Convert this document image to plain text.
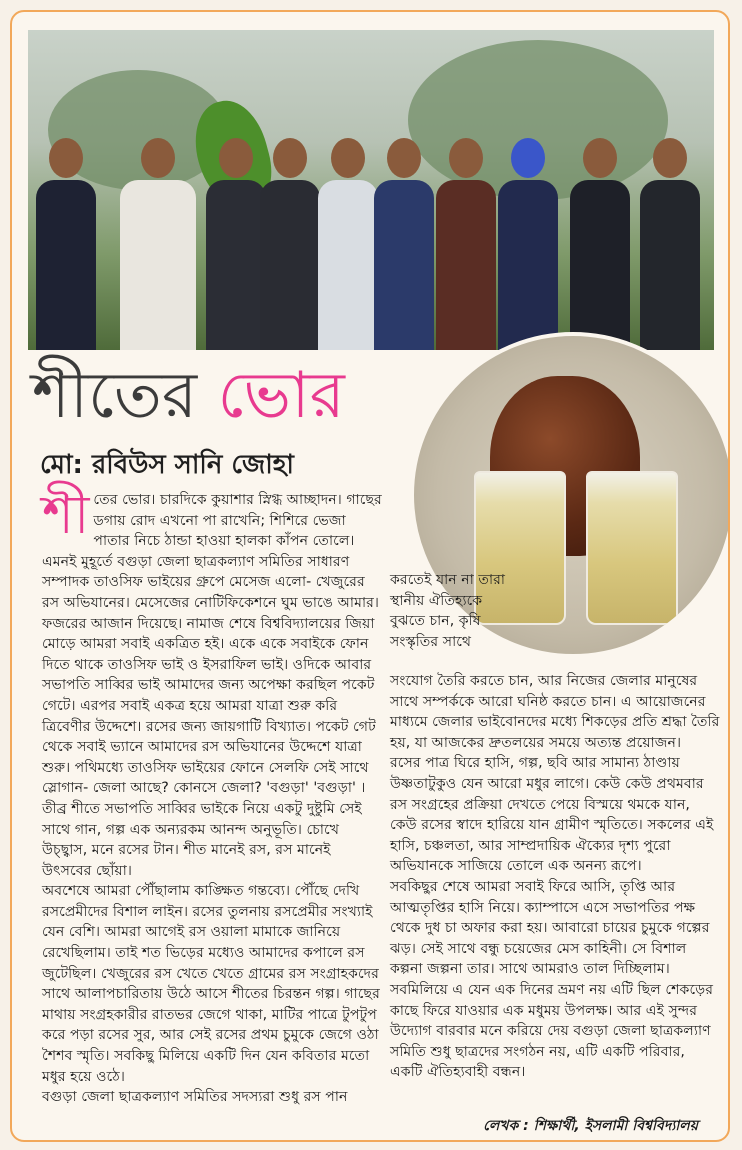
শীতের ভোর
মো: রবিউস সানি জোহা

শীতের ভোর। চারদিকে কুয়াশার স্নিগ্ধ আচ্ছাদন। গাছের ডগায় রোদ এখনো পা রাখেনি; শিশিরে ভেজা পাতার নিচে ঠান্ডা হাওয়া হালকা কাঁপন তোলে। এমনই মুহূর্তে বগুড়া জেলা ছাত্রকল্যাণ সমিতির সাধারণ সম্পাদক তাওসিফ ভাইয়ের গ্রুপে মেসেজ এলো- খেজুরের রস অভিযানের। মেসেজের নোটিফিকেশনে ঘুম ভাঙে আমার। ফজরের আজান দিয়েছে। নামাজ শেষে বিশ্ববিদ্যালয়ের জিয়া মোড়ে আমরা সবাই একত্রিত হই। একে একে সবাইকে ফোন দিতে থাকে তাওসিফ ভাই ও ইসরাফিল ভাই। ওদিকে আবার সভাপতি সাব্বির ভাই আমাদের জন্য অপেক্ষা করছিল পকেট গেটে। এরপর সবাই একত্র হয়ে আমরা যাত্রা শুরু করি ত্রিবেণীর উদ্দেশে। রসের জন্য জায়গাটি বিখ্যাত। পকেট গেট থেকে সবাই ভ্যানে আমাদের রস অভিযানের উদ্দেশে যাত্রা শুরু। পথিমধ্যে তাওসিফ ভাইয়ের ফোনে সেলফি সেই সাথে স্লোগান- জেলা আছে? কোনসে জেলা? 'বগুড়া' 'বগুড়া' । তীব্র শীতে সভাপতি সাব্বির ভাইকে নিয়ে একটু দুষ্টুমি সেই সাথে গান, গল্প এক অন্যরকম আনন্দ অনুভূতি। চোখে উচ্ছ্বাস, মনে রসের টান। শীত মানেই রস, রস মানেই উৎসবের ছোঁয়া।

অবশেষে আমরা পৌঁছালাম কাঙ্ক্ষিত গন্তব্যে। পৌঁছে দেখি রসপ্রেমীদের বিশাল লাইন। রসের তুলনায় রসপ্রেমীর সংখ্যাই যেন বেশি। আমরা আগেই রস ওয়ালা মামাকে জানিয়ে রেখেছিলাম। তাই শত ভিড়ের মধ্যেও আমাদের কপালে রস জুটেছিল। খেজুরের রস খেতে খেতে গ্রামের রস সংগ্রাহকদের সাথে আলাপচারিতায় উঠে আসে শীতের চিরন্তন গল্প। গাছের মাথায় সংগ্রহকারীর রাতভর জেগে থাকা, মাটির পাত্রে টুপটুপ করে পড়া রসের সুর, আর সেই রসের প্রথম চুমুকে জেগে ওঠা শৈশব স্মৃতি। সবকিছু মিলিয়ে একটি দিন যেন কবিতার মতো মধুর হয়ে ওঠে।

বগুড়া জেলা ছাত্রকল্যাণ সমিতির সদস্যরা শুধু রস পান

করতেই যান না তারা স্থানীয় ঐতিহ্যকে বুঝতে চান, কৃষি সংস্কৃতির সাথে

সংযোগ তৈরি করতে চান, আর নিজের জেলার মানুষের সাথে সম্পর্ককে আরো ঘনিষ্ঠ করতে চান। এ আয়োজনের মাধ্যমে জেলার ভাইবোনদের মধ্যে শিকড়ের প্রতি শ্রদ্ধা তৈরি হয়, যা আজকের দ্রুতলয়ের সময়ে অত্যন্ত প্রয়োজন।

রসের পাত্র ঘিরে হাসি, গল্প, ছবি আর সামান্য ঠাণ্ডায় উষ্ণতাটুকুও যেন আরো মধুর লাগে। কেউ কেউ প্রথমবার রস সংগ্রহের প্রক্রিয়া দেখতে পেয়ে বিস্ময়ে থমকে যান, কেউ রসের স্বাদে হারিয়ে যান গ্রামীণ স্মৃতিতে। সকলের এই হাসি, চঞ্চলতা, আর সাম্প্রদায়িক ঐক্যের দৃশ্য পুরো অভিযানকে সাজিয়ে তোলে এক অনন্য রূপে।

সবকিছুর শেষে আমরা সবাই ফিরে আসি, তৃপ্তি আর আত্মতৃপ্তির হাসি নিয়ে। ক্যাম্পাসে এসে সভাপতির পক্ষ থেকে দুধ চা অফার করা হয়। আবারো চায়ের চুমুকে গল্পের ঝড়। সেই সাথে বন্ধু চয়েজের মেস কাহিনী। সে বিশাল কল্পনা জল্পনা তার। সাথে আমরাও তাল দিচ্ছিলাম। সবমিলিয়ে এ যেন এক দিনের ভ্রমণ নয় এটি ছিল শেকড়ের কাছে ফিরে যাওয়ার এক মধুময় উপলক্ষ। আর এই সুন্দর উদ্যোগ বারবার মনে করিয়ে দেয় বগুড়া জেলা ছাত্রকল্যাণ সমিতি শুধু ছাত্রদের সংগঠন নয়, এটি একটি পরিবার, একটি ঐতিহ্যবাহী বন্ধন।

লেখক : শিক্ষার্থী, ইসলামী বিশ্ববিদ্যালয়
